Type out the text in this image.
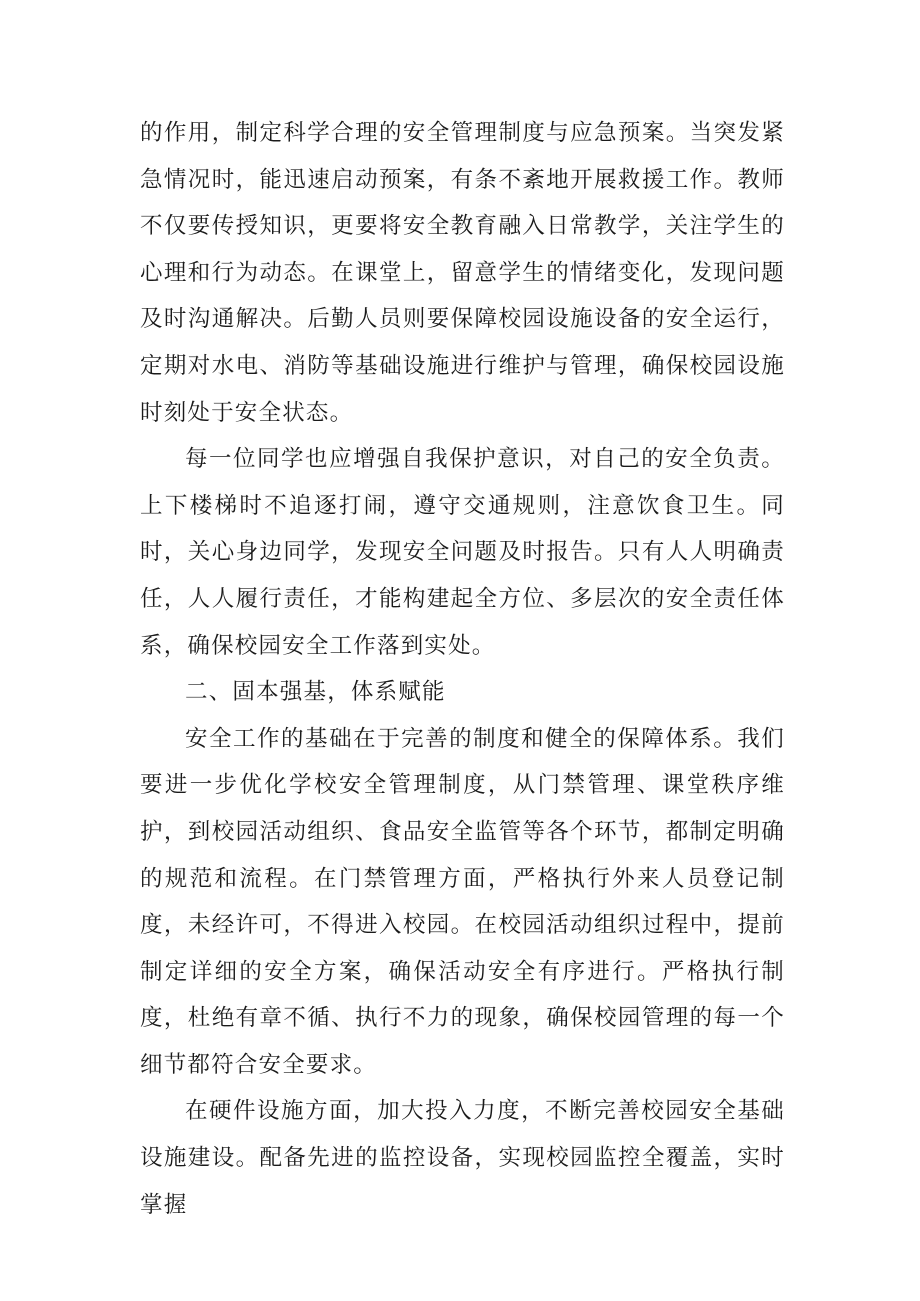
的作用，制定科学合理的安全管理制度与应急预案。当突发紧急情况时，能迅速启动预案，有条不紊地开展救援工作。教师不仅要传授知识，更要将安全教育融入日常教学，关注学生的心理和行为动态。在课堂上，留意学生的情绪变化，发现问题及时沟通解决。后勤人员则要保障校园设施设备的安全运行，定期对水电、消防等基础设施进行维护与管理，确保校园设施时刻处于安全状态。

每一位同学也应增强自我保护意识，对自己的安全负责。上下楼梯时不追逐打闹，遵守交通规则，注意饮食卫生。同时，关心身边同学，发现安全问题及时报告。只有人人明确责任，人人履行责任，才能构建起全方位、多层次的安全责任体系，确保校园安全工作落到实处。

二、固本强基，体系赋能

安全工作的基础在于完善的制度和健全的保障体系。我们要进一步优化学校安全管理制度，从门禁管理、课堂秩序维护，到校园活动组织、食品安全监管等各个环节，都制定明确的规范和流程。在门禁管理方面，严格执行外来人员登记制度，未经许可，不得进入校园。在校园活动组织过程中，提前制定详细的安全方案，确保活动安全有序进行。严格执行制度，杜绝有章不循、执行不力的现象，确保校园管理的每一个细节都符合安全要求。

在硬件设施方面，加大投入力度，不断完善校园安全基础设施建设。配备先进的监控设备，实现校园监控全覆盖，实时掌握
